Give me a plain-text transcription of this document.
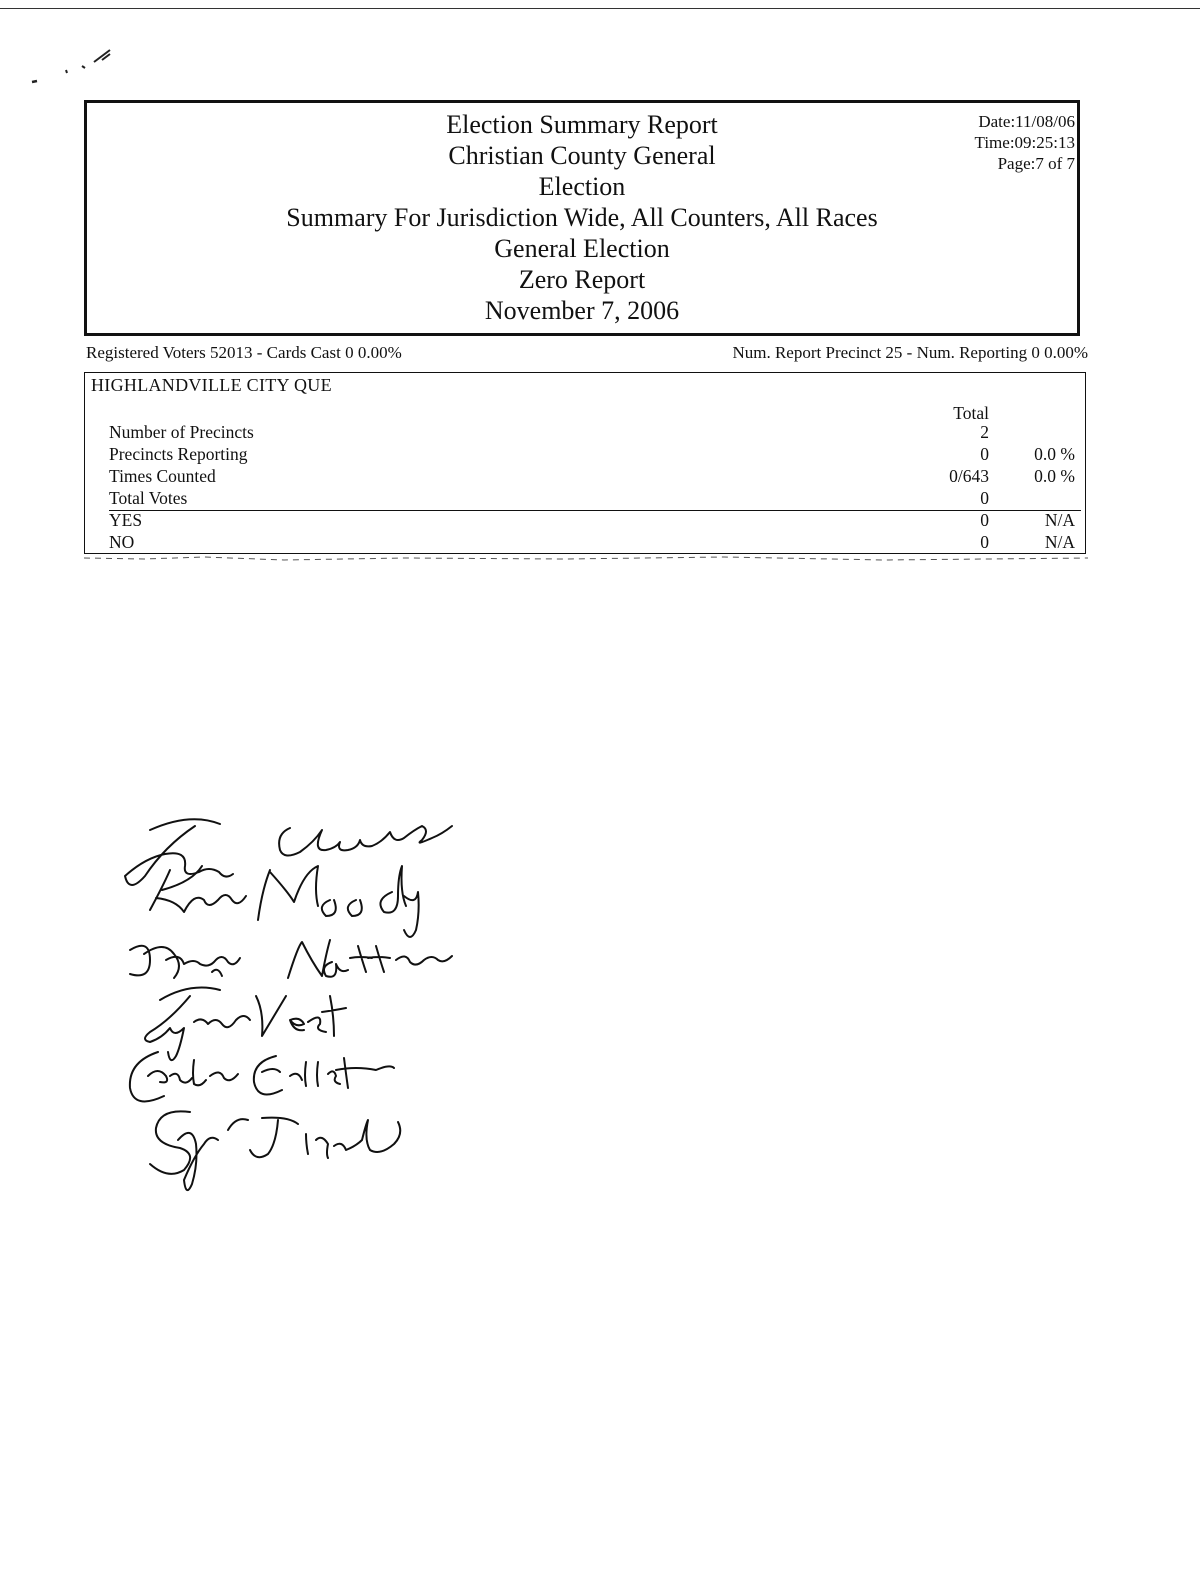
Election Summary Report
Christian County General
Election
Summary For Jurisdiction Wide, All Counters, All Races
General Election
Zero Report
November 7, 2006
Date:11/08/06
Time:09:25:13
Page:7 of 7
Registered Voters 52013 - Cards Cast 0 0.00%	Num. Report Precinct 25 - Num. Reporting 0 0.00%
HIGHLANDVILLE CITY QUE
Total
Number of Precincts	2
Precincts Reporting	0	0.0 %
Times Counted	0/643	0.0 %
Total Votes	0
YES	0	N/A
NO	0	N/A
